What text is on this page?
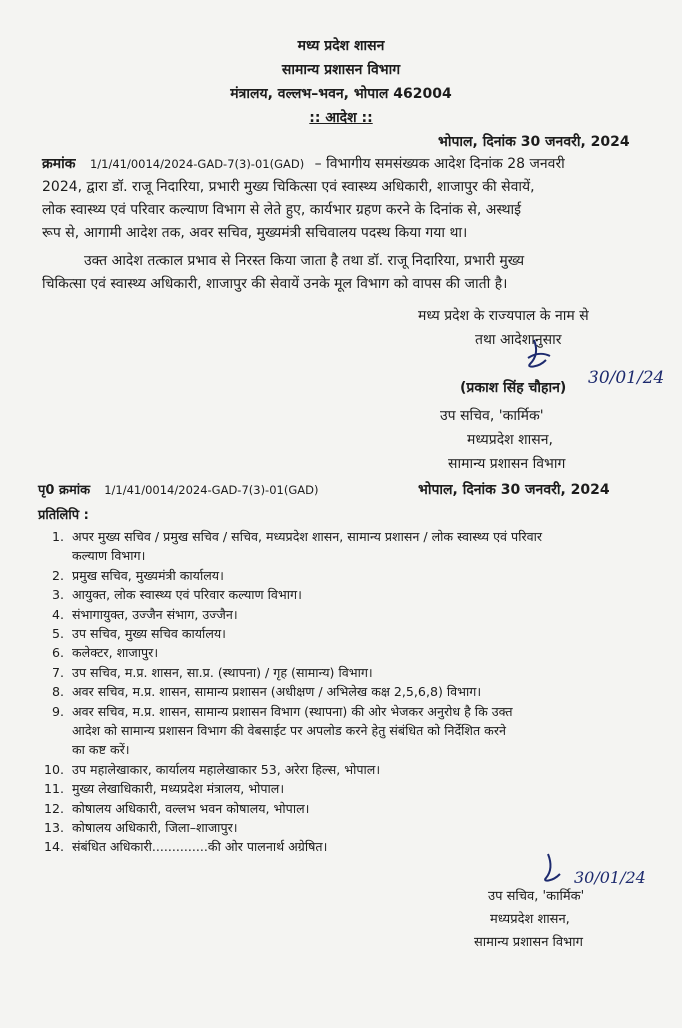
मध्य प्रदेश शासन
सामान्य प्रशासन विभाग
मंत्रालय, वल्लभ–भवन, भोपाल 462004
:: आदेश ::
भोपाल, दिनांक 30 जनवरी, 2024
क्रमांक 1/1/41/0014/2024-GAD-7(3)-01(GAD) – विभागीय समसंख्यक आदेश दिनांक 28 जनवरी
2024, द्वारा डॉ. राजू निदारिया, प्रभारी मुख्य चिकित्सा एवं स्वास्थ्य अधिकारी, शाजापुर की सेवायें,
लोक स्वास्थ्य एवं परिवार कल्याण विभाग से लेते हुए, कार्यभार ग्रहण करने के दिनांक से, अस्थाई
रूप से, आगामी आदेश तक, अवर सचिव, मुख्यमंत्री सचिवालय पदस्थ किया गया था।
उक्त आदेश तत्काल प्रभाव से निरस्त किया जाता है तथा डॉ. राजू निदारिया, प्रभारी मुख्य
चिकित्सा एवं स्वास्थ्य अधिकारी, शाजापुर की सेवायें उनके मूल विभाग को वापस की जाती है।
मध्य प्रदेश के राज्यपाल के नाम से
तथा आदेशानुसार
(प्रकाश सिंह चौहान) 30/01/24
उप सचिव, 'कार्मिक'
मध्यप्रदेश शासन,
सामान्य प्रशासन विभाग
पृ0 क्रमांक 1/1/41/0014/2024-GAD-7(3)-01(GAD)	भोपाल, दिनांक 30 जनवरी, 2024
प्रतिलिपि :
1. अपर मुख्य सचिव / प्रमुख सचिव / सचिव, मध्यप्रदेश शासन, सामान्य प्रशासन / लोक स्वास्थ्य एवं परिवार
कल्याण विभाग।
2. प्रमुख सचिव, मुख्यमंत्री कार्यालय।
3. आयुक्त, लोक स्वास्थ्य एवं परिवार कल्याण विभाग।
4. संभागायुक्त, उज्जैन संभाग, उज्जैन।
5. उप सचिव, मुख्य सचिव कार्यालय।
6. कलेक्टर, शाजापुर।
7. उप सचिव, म.प्र. शासन, सा.प्र. (स्थापना) / गृह (सामान्य) विभाग।
8. अवर सचिव, म.प्र. शासन, सामान्य प्रशासन (अधीक्षण / अभिलेख कक्ष 2,5,6,8) विभाग।
9. अवर सचिव, म.प्र. शासन, सामान्य प्रशासन विभाग (स्थापना) की ओर भेजकर अनुरोध है कि उक्त
आदेश को सामान्य प्रशासन विभाग की वेबसाईट पर अपलोड करने हेतु संबंधित को निर्देशित करने
का कष्ट करें।
10. उप महालेखाकार, कार्यालय महालेखाकार 53, अरेरा हिल्स, भोपाल।
11. मुख्य लेखाधिकारी, मध्यप्रदेश मंत्रालय, भोपाल।
12. कोषालय अधिकारी, वल्लभ भवन कोषालय, भोपाल।
13. कोषालय अधिकारी, जिला–शाजापुर।
14. संबंधित अधिकारी..............की ओर पालनार्थ अग्रेषित।
30/01/24
उप सचिव, 'कार्मिक'
मध्यप्रदेश शासन,
सामान्य प्रशासन विभाग
